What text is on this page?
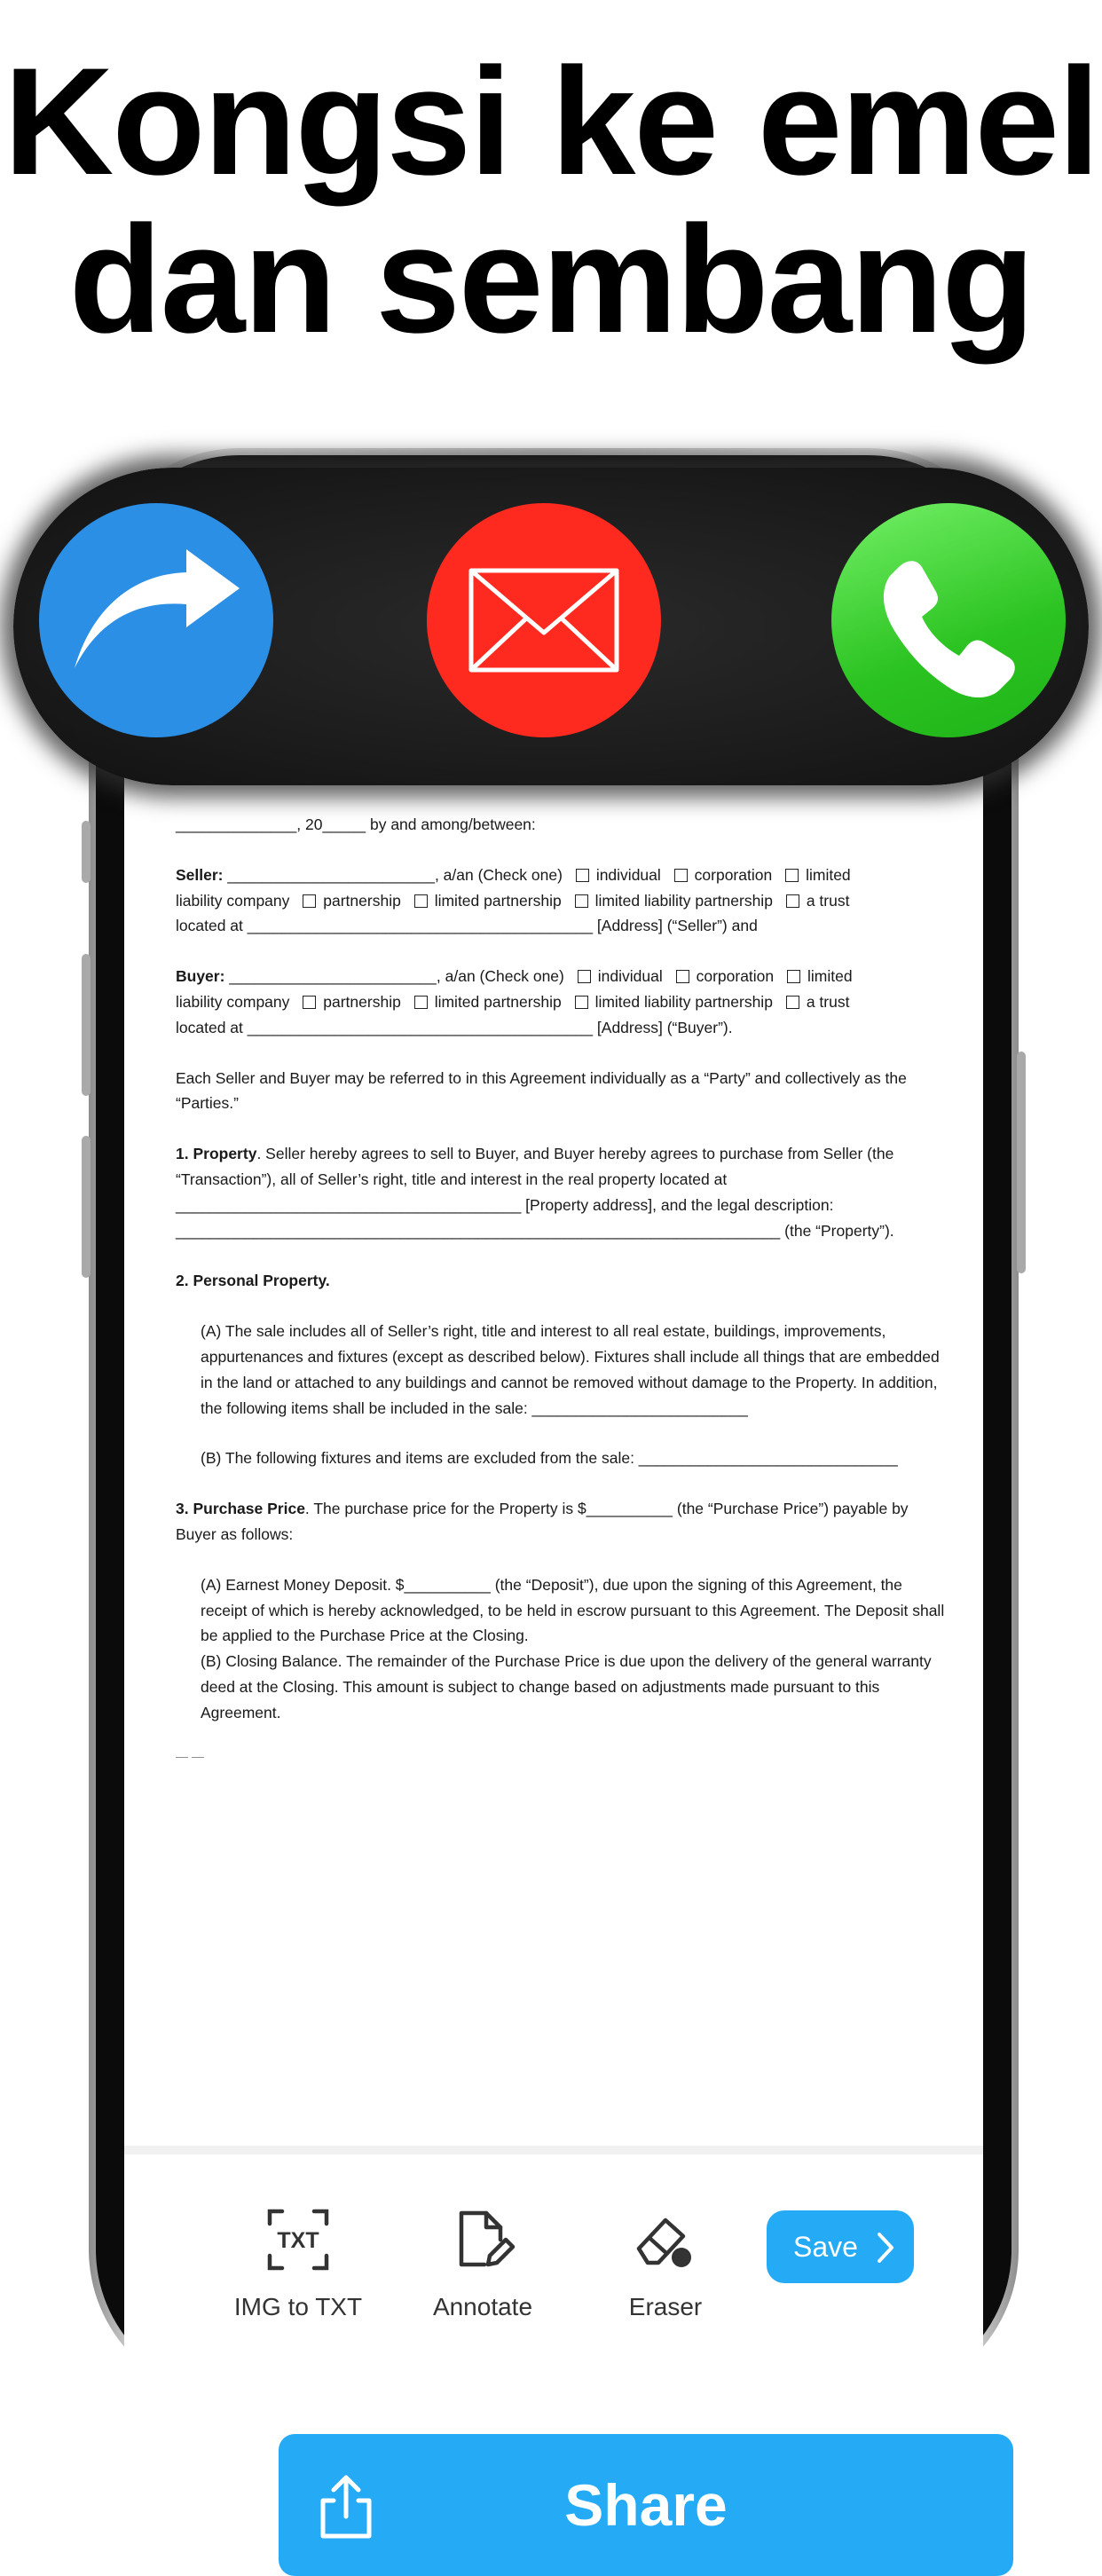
Kongsi ke emel
dan sembang

______________, 20_____ by and among/between:

Seller: ________________________, a/an (Check one) individual corporation limited
liability company partnership limited partnership limited liability partnership a trust
located at ________________________________________ [Address] (“Seller”) and

Buyer: ________________________, a/an (Check one) individual corporation limited
liability company partnership limited partnership limited liability partnership a trust
located at ________________________________________ [Address] (“Buyer”).

Each Seller and Buyer may be referred to in this Agreement individually as a “Party” and collectively as the “Parties.”

1. Property. Seller hereby agrees to sell to Buyer, and Buyer hereby agrees to purchase from Seller (the “Transaction”), all of Seller’s right, title and interest in the real property located at ________________________________________ [Property address], and the legal description: ______________________________________________________________________ (the “Property”).

2. Personal Property.

(A) The sale includes all of Seller’s right, title and interest to all real estate, buildings, improvements, appurtenances and fixtures (except as described below). Fixtures shall include all things that are embedded in the land or attached to any buildings and cannot be removed without damage to the Property. In addition, the following items shall be included in the sale: _________________________

(B) The following fixtures and items are excluded from the sale: ______________________________

3. Purchase Price. The purchase price for the Property is $__________ (the “Purchase Price”) payable by Buyer as follows:

(A) Earnest Money Deposit. $__________ (the “Deposit”), due upon the signing of this Agreement, the receipt of which is hereby acknowledged, to be held in escrow pursuant to this Agreement. The Deposit shall be applied to the Purchase Price at the Closing.

(B) Closing Balance. The remainder of the Purchase Price is due upon the delivery of the general warranty deed at the Closing. This amount is subject to change based on adjustments made pursuant to this Agreement.

— —
Share
TXT
IMG to TXT	Annotate	Eraser
Save
